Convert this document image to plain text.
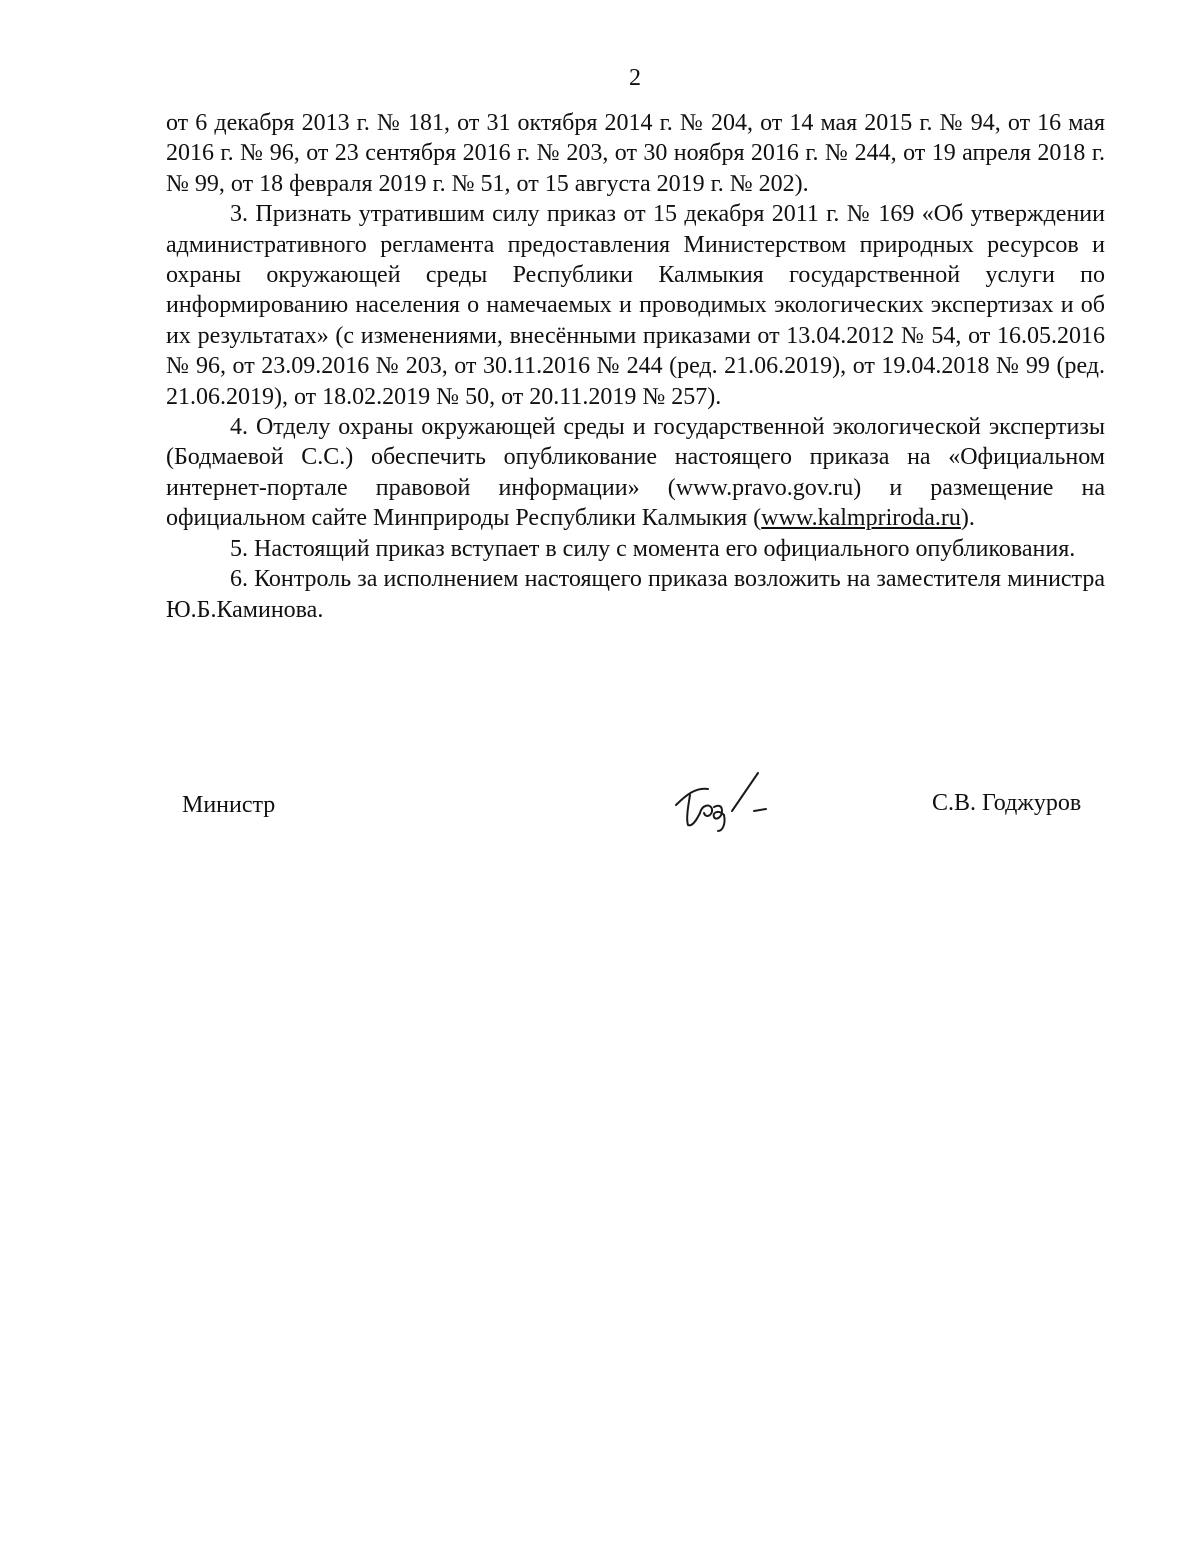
2

от 6 декабря 2013 г. № 181, от 31 октября 2014 г. № 204, от 14 мая 2015 г. № 94, от 16 мая 2016 г. № 96, от 23 сентября 2016 г. № 203, от 30 ноября 2016 г. № 244, от 19 апреля 2018 г. № 99, от 18 февраля 2019 г. № 51, от 15 августа 2019 г. № 202).

3. Признать утратившим силу приказ от 15 декабря 2011 г. № 169 «Об утверждении административного регламента предоставления Министерством природных ресурсов и охраны окружающей среды Республики Калмыкия государственной услуги по информированию населения о намечаемых и проводимых экологических экспертизах и об их результатах» (с изменениями, внесёнными приказами от 13.04.2012 № 54, от 16.05.2016 № 96, от 23.09.2016 № 203, от 30.11.2016 № 244 (ред. 21.06.2019), от 19.04.2018 № 99 (ред. 21.06.2019), от 18.02.2019 № 50, от 20.11.2019 № 257).

4. Отделу охраны окружающей среды и государственной экологической экспертизы (Бодмаевой С.С.) обеспечить опубликование настоящего приказа на «Официальном интернет-портале правовой информации» (www.pravo.gov.ru) и размещение на официальном сайте Минприроды Республики Калмыкия (www.kalmpriroda.ru).

5. Настоящий приказ вступает в силу с момента его официального опубликования.

6. Контроль за исполнением настоящего приказа возложить на заместителя министра Ю.Б.Каминова.

Министр	С.В. Годжуров
